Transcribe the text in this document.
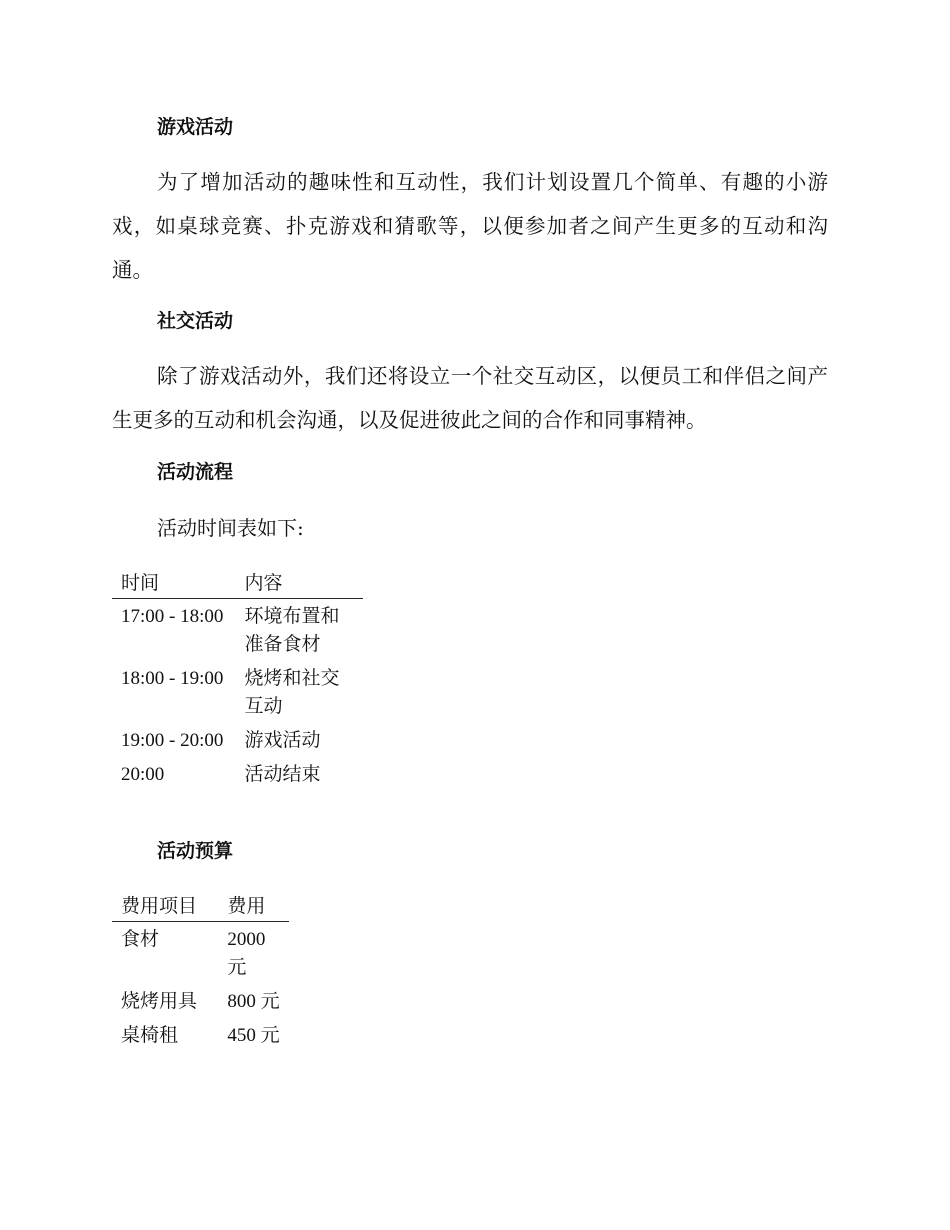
游戏活动

为了增加活动的趣味性和互动性，我们计划设置几个简单、有趣的小游戏，如桌球竞赛、扑克游戏和猜歌等，以便参加者之间产生更多的互动和沟通。

社交活动

除了游戏活动外，我们还将设立一个社交互动区，以便员工和伴侣之间产生更多的互动和机会沟通，以及促进彼此之间的合作和同事精神。

活动流程

活动时间表如下:

时间	内容
17:00 - 18:00	环境布置和准备食材
18:00 - 19:00	烧烤和社交互动
19:00 - 20:00	游戏活动
20:00	活动结束
活动预算
费用项目	费用
食材	2000 元
烧烤用具	800 元
桌椅租	450 元
